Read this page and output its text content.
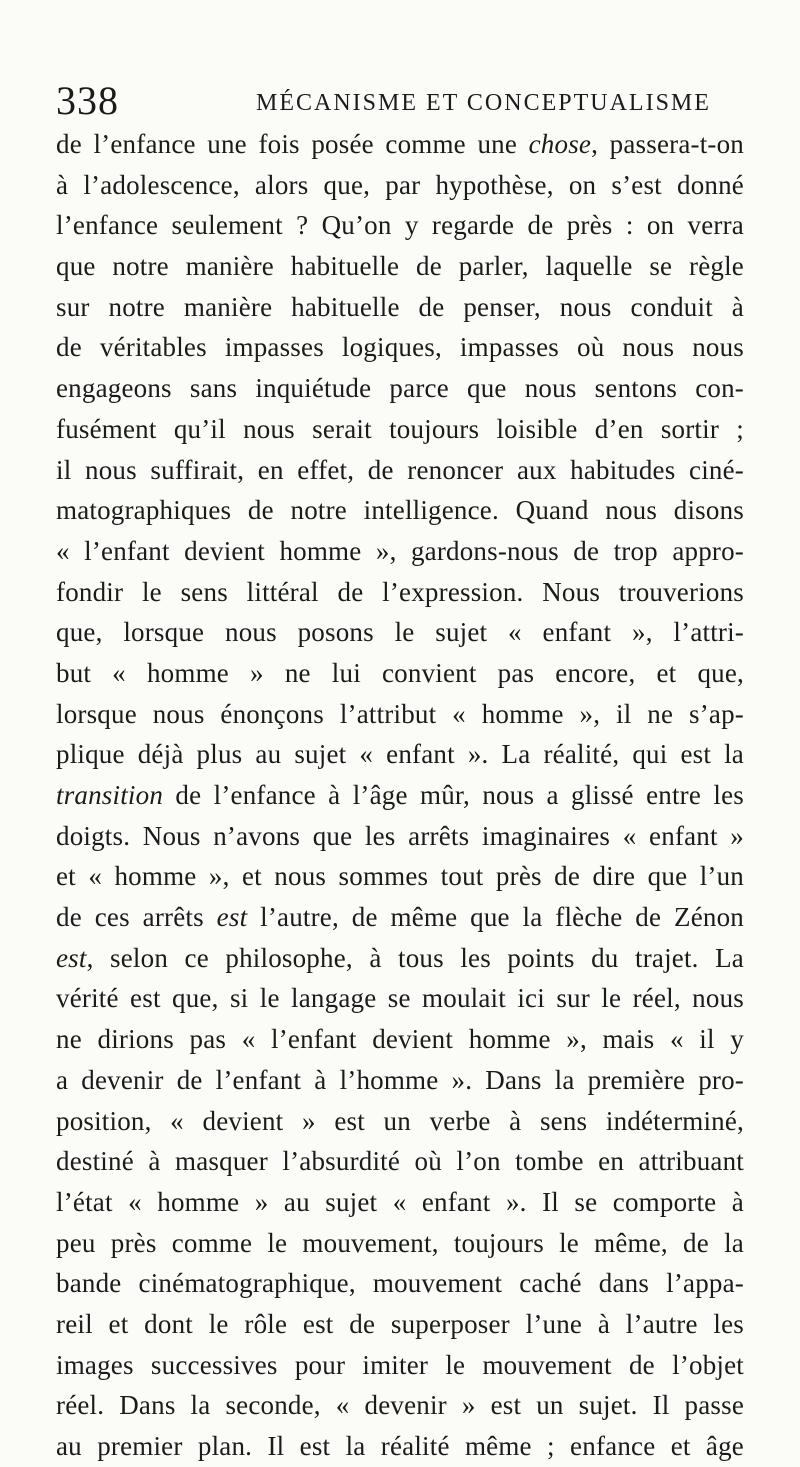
338	MÉCANISME ET CONCEPTUALISME
de l’enfance une fois posée comme une chose, passera-t-on
à l’adolescence, alors que, par hypothèse, on s’est donné
l’enfance seulement ? Qu’on y regarde de près : on verra
que notre manière habituelle de parler, laquelle se règle
sur notre manière habituelle de penser, nous conduit à
de véritables impasses logiques, impasses où nous nous
engageons sans inquiétude parce que nous sentons con-
fusément qu’il nous serait toujours loisible d’en sortir ;
il nous suffirait, en effet, de renoncer aux habitudes ciné-
matographiques de notre intelligence. Quand nous disons
« l’enfant devient homme », gardons-nous de trop appro-
fondir le sens littéral de l’expression. Nous trouverions
que, lorsque nous posons le sujet « enfant », l’attri-
but « homme » ne lui convient pas encore, et que,
lorsque nous énonçons l’attribut « homme », il ne s’ap-
plique déjà plus au sujet « enfant ». La réalité, qui est la
transition de l’enfance à l’âge mûr, nous a glissé entre les
doigts. Nous n’avons que les arrêts imaginaires « enfant »
et « homme », et nous sommes tout près de dire que l’un
de ces arrêts est l’autre, de même que la flèche de Zénon
est, selon ce philosophe, à tous les points du trajet. La
vérité est que, si le langage se moulait ici sur le réel, nous
ne dirions pas « l’enfant devient homme », mais « il y
a devenir de l’enfant à l’homme ». Dans la première pro-
position, « devient » est un verbe à sens indéterminé,
destiné à masquer l’absurdité où l’on tombe en attribuant
l’état « homme » au sujet « enfant ». Il se comporte à
peu près comme le mouvement, toujours le même, de la
bande cinématographique, mouvement caché dans l’appa-
reil et dont le rôle est de superposer l’une à l’autre les
images successives pour imiter le mouvement de l’objet
réel. Dans la seconde, « devenir » est un sujet. Il passe
au premier plan. Il est la réalité même ; enfance et âge
